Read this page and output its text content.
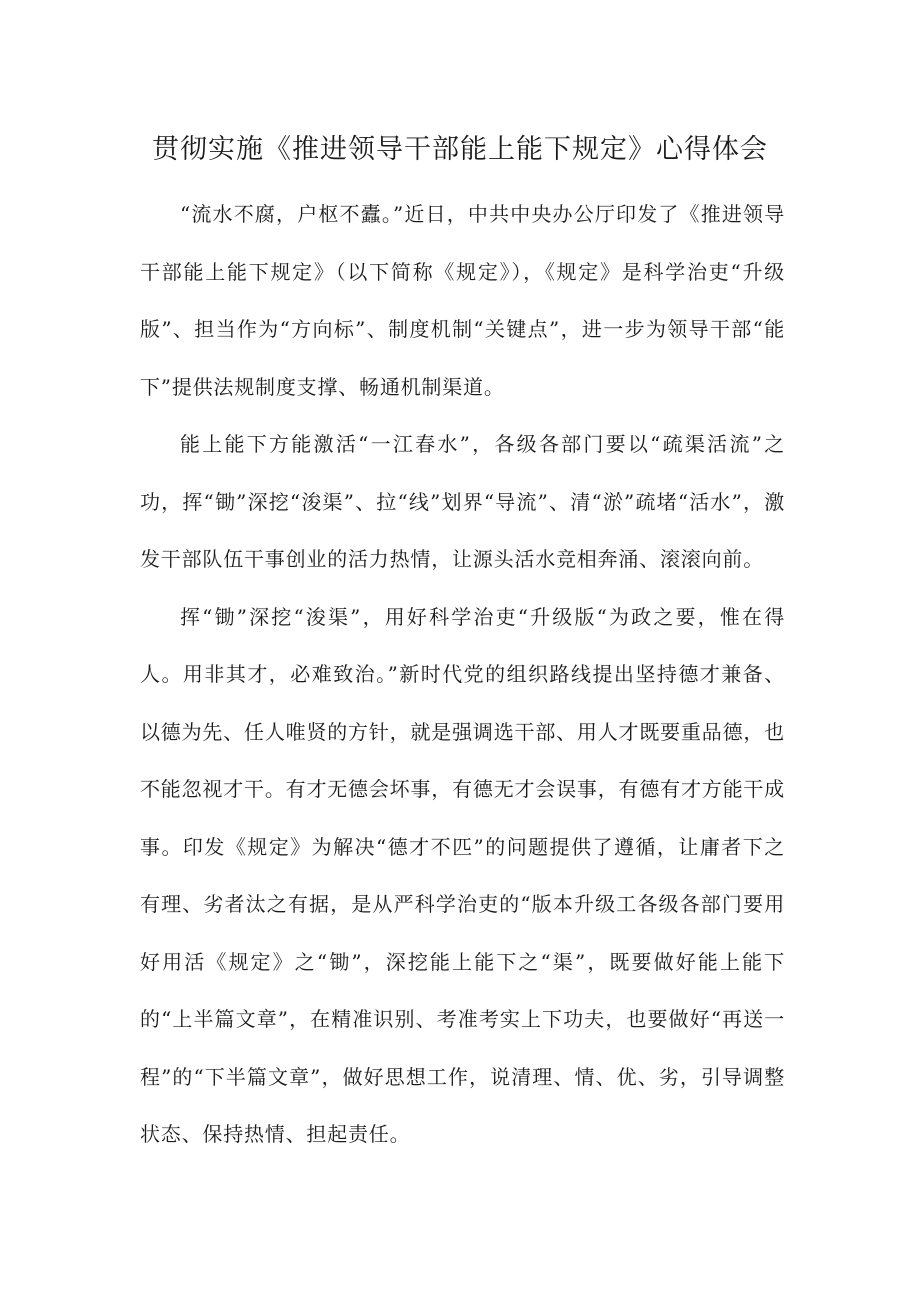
贯彻实施《推进领导干部能上能下规定》心得体会

“流水不腐，户枢不蠹。”近日，中共中央办公厅印发了《推进领导干部能上能下规定》（以下简称《规定》），《规定》是科学治吏“升级版”、担当作为“方向标”、制度机制“关键点”，进一步为领导干部“能下”提供法规制度支撑、畅通机制渠道。

能上能下方能激活“一江春水”，各级各部门要以“疏渠活流”之功，挥“锄”深挖“浚渠”、拉“线”划界“导流”、清“淤”疏堵“活水”，激发干部队伍干事创业的活力热情，让源头活水竞相奔涌、滚滚向前。

挥“锄”深挖“浚渠”，用好科学治吏“升级版“为政之要，惟在得人。用非其才，必难致治。”新时代党的组织路线提出坚持德才兼备、以德为先、任人唯贤的方针，就是强调选干部、用人才既要重品德，也不能忽视才干。有才无德会坏事，有德无才会误事，有德有才方能干成事。印发《规定》为解决“德才不匹”的问题提供了遵循，让庸者下之有理、劣者汰之有据，是从严科学治吏的“版本升级工各级各部门要用好用活《规定》之“锄”，深挖能上能下之“渠”，既要做好能上能下的“上半篇文章”，在精准识别、考准考实上下功夫，也要做好“再送一程”的“下半篇文章”，做好思想工作，说清理、情、优、劣，引导调整状态、保持热情、担起责任。
